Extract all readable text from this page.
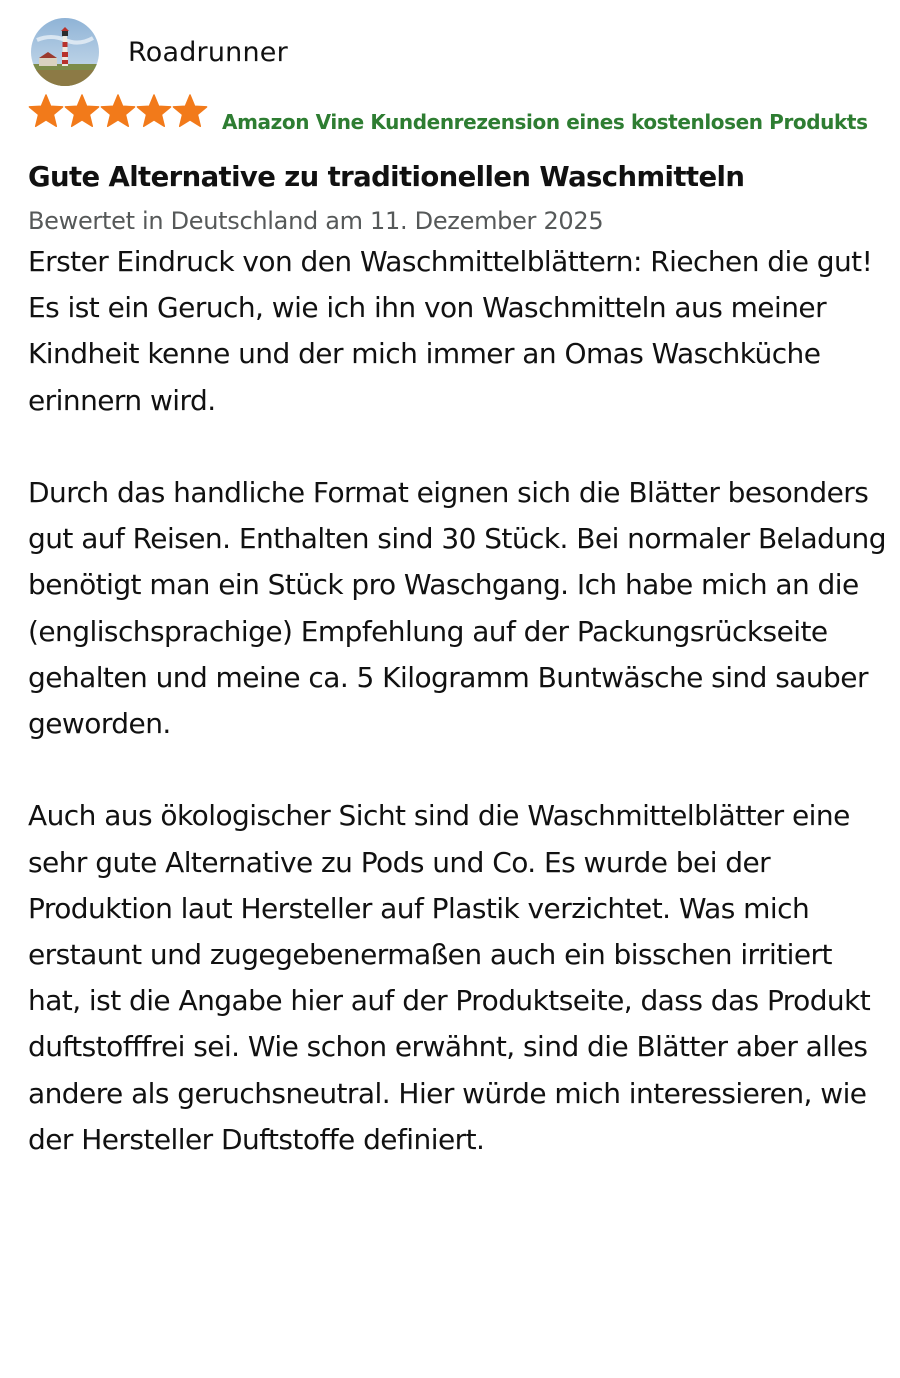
Roadrunner
Amazon Vine Kundenrezension eines kostenlosen Produkts
Gute Alternative zu traditionellen Waschmitteln
Bewertet in Deutschland am 11. Dezember 2025

Erster Eindruck von den Waschmittelblättern: Riechen die gut! Es ist ein Geruch, wie ich ihn von Waschmitteln aus meiner Kindheit kenne und der mich immer an Omas Waschküche erinnern wird.

Durch das handliche Format eignen sich die Blätter besonders gut auf Reisen. Enthalten sind 30 Stück. Bei normaler Beladung benötigt man ein Stück pro Waschgang. Ich habe mich an die (englischsprachige) Empfehlung auf der Packungsrückseite gehalten und meine ca. 5 Kilogramm Buntwäsche sind sauber geworden.

Auch aus ökologischer Sicht sind die Waschmittelblätter eine sehr gute Alternative zu Pods und Co. Es wurde bei der Produktion laut Hersteller auf Plastik verzichtet. Was mich erstaunt und zugegebenermaßen auch ein bisschen irritiert hat, ist die Angabe hier auf der Produktseite, dass das Produkt duftstofffrei sei. Wie schon erwähnt, sind die Blätter aber alles andere als geruchsneutral. Hier würde mich interessieren, wie der Hersteller Duftstoffe definiert.
